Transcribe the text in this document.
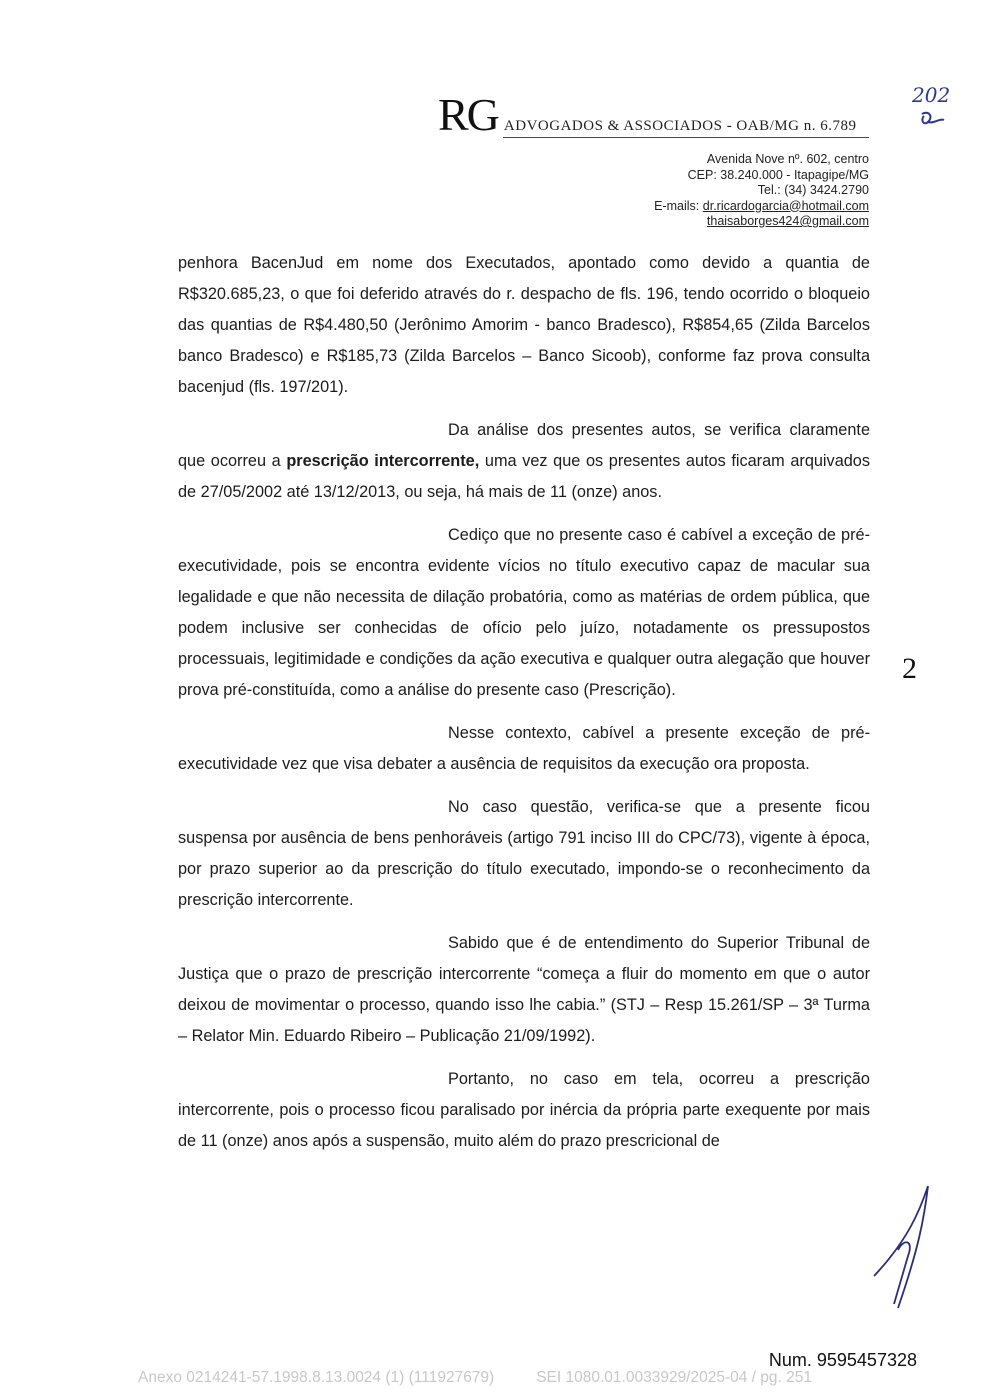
RG ADVOGADOS & ASSOCIADOS - OAB/MG n. 6.789
202
Avenida Nove nº. 602, centro
CEP: 38.240.000 - Itapagipe/MG
Tel.: (34) 3424.2790
E-mails: dr.ricardogarcia@hotmail.com
thaisaborges424@gmail.com

penhora BacenJud em nome dos Executados, apontado como devido a quantia de R$320.685,23, o que foi deferido através do r. despacho de fls. 196, tendo ocorrido o bloqueio das quantias de R$4.480,50 (Jerônimo Amorim - banco Bradesco), R$854,65 (Zilda Barcelos banco Bradesco) e R$185,73 (Zilda Barcelos – Banco Sicoob), conforme faz prova consulta bacenjud (fls. 197/201).

Da análise dos presentes autos, se verifica claramente que ocorreu a prescrição intercorrente, uma vez que os presentes autos ficaram arquivados de 27/05/2002 até 13/12/2013, ou seja, há mais de 11 (onze) anos.

Cediço que no presente caso é cabível a exceção de pré-executividade, pois se encontra evidente vícios no título executivo capaz de macular sua legalidade e que não necessita de dilação probatória, como as matérias de ordem pública, que podem inclusive ser conhecidas de ofício pelo juízo, notadamente os pressupostos processuais, legitimidade e condições da ação executiva e qualquer outra alegação que houver prova pré-constituída, como a análise do presente caso (Prescrição).

Nesse contexto, cabível a presente exceção de pré-executividade vez que visa debater a ausência de requisitos da execução ora proposta.

No caso questão, verifica-se que a presente ficou suspensa por ausência de bens penhoráveis (artigo 791 inciso III do CPC/73), vigente à época, por prazo superior ao da prescrição do título executado, impondo-se o reconhecimento da prescrição intercorrente.

Sabido que é de entendimento do Superior Tribunal de Justiça que o prazo de prescrição intercorrente “começa a fluir do momento em que o autor deixou de movimentar o processo, quando isso lhe cabia.” (STJ – Resp 15.261/SP – 3ª Turma – Relator Min. Eduardo Ribeiro – Publicação 21/09/1992).

Portanto, no caso em tela, ocorreu a prescrição intercorrente, pois o processo ficou paralisado por inércia da própria parte exequente por mais de 11 (onze) anos após a suspensão, muito além do prazo prescricional de

2
Num. 9595457328
Anexo 0214241-57.1998.8.13.0024 (1) (111927679)	SEI 1080.01.0033929/2025-04 / pg. 251
